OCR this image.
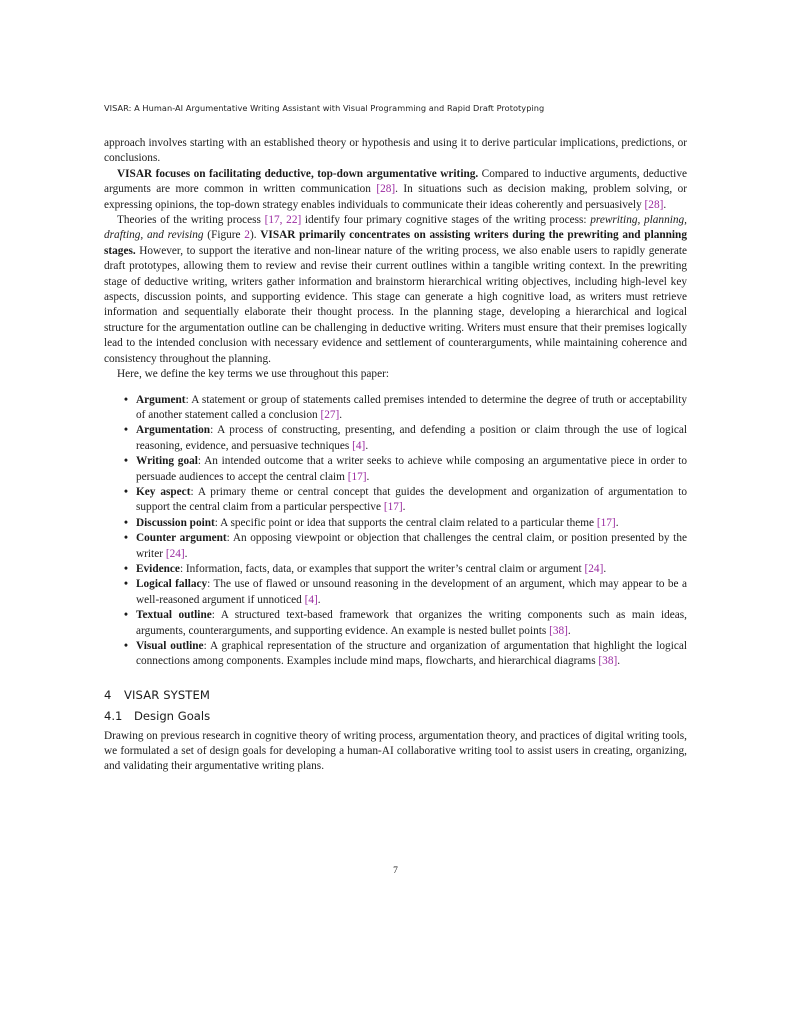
VISAR: A Human-AI Argumentative Writing Assistant with Visual Programming and Rapid Draft Prototyping

approach involves starting with an established theory or hypothesis and using it to derive particular implications, predictions, or conclusions.

VISAR focuses on facilitating deductive, top-down argumentative writing. Compared to inductive arguments, deductive arguments are more common in written communication [28]. In situations such as decision making, problem solving, or expressing opinions, the top-down strategy enables individuals to communicate their ideas coherently and persuasively [28].

Theories of the writing process [17, 22] identify four primary cognitive stages of the writing process: prewriting, planning, drafting, and revising (Figure 2). VISAR primarily concentrates on assisting writers during the prewriting and planning stages. However, to support the iterative and non-linear nature of the writing process, we also enable users to rapidly generate draft prototypes, allowing them to review and revise their current outlines within a tangible writing context. In the prewriting stage of deductive writing, writers gather information and brainstorm hierarchical writing objectives, including high-level key aspects, discussion points, and supporting evidence. This stage can generate a high cognitive load, as writers must retrieve information and sequentially elaborate their thought process. In the planning stage, developing a hierarchical and logical structure for the argumentation outline can be challenging in deductive writing. Writers must ensure that their premises logically lead to the intended conclusion with necessary evidence and settlement of counterarguments, while maintaining coherence and consistency throughout the planning.

Here, we define the key terms we use throughout this paper:

• Argument: A statement or group of statements called premises intended to determine the degree of truth or acceptability of another statement called a conclusion [27].
• Argumentation: A process of constructing, presenting, and defending a position or claim through the use of logical reasoning, evidence, and persuasive techniques [4].
• Writing goal: An intended outcome that a writer seeks to achieve while composing an argumentative piece in order to persuade audiences to accept the central claim [17].
• Key aspect: A primary theme or central concept that guides the development and organization of argumentation to support the central claim from a particular perspective [17].
• Discussion point: A specific point or idea that supports the central claim related to a particular theme [17].
• Counter argument: An opposing viewpoint or objection that challenges the central claim, or position presented by the writer [24].
• Evidence: Information, facts, data, or examples that support the writer’s central claim or argument [24].
• Logical fallacy: The use of flawed or unsound reasoning in the development of an argument, which may appear to be a well-reasoned argument if unnoticed [4].
• Textual outline: A structured text-based framework that organizes the writing components such as main ideas, arguments, counterarguments, and supporting evidence. An example is nested bullet points [38].
• Visual outline: A graphical representation of the structure and organization of argumentation that highlight the logical connections among components. Examples include mind maps, flowcharts, and hierarchical diagrams [38].
4 VISAR SYSTEM
4.1 Design Goals

Drawing on previous research in cognitive theory of writing process, argumentation theory, and practices of digital writing tools, we formulated a set of design goals for developing a human-AI collaborative writing tool to assist users in creating, organizing, and validating their argumentative writing plans.

7
